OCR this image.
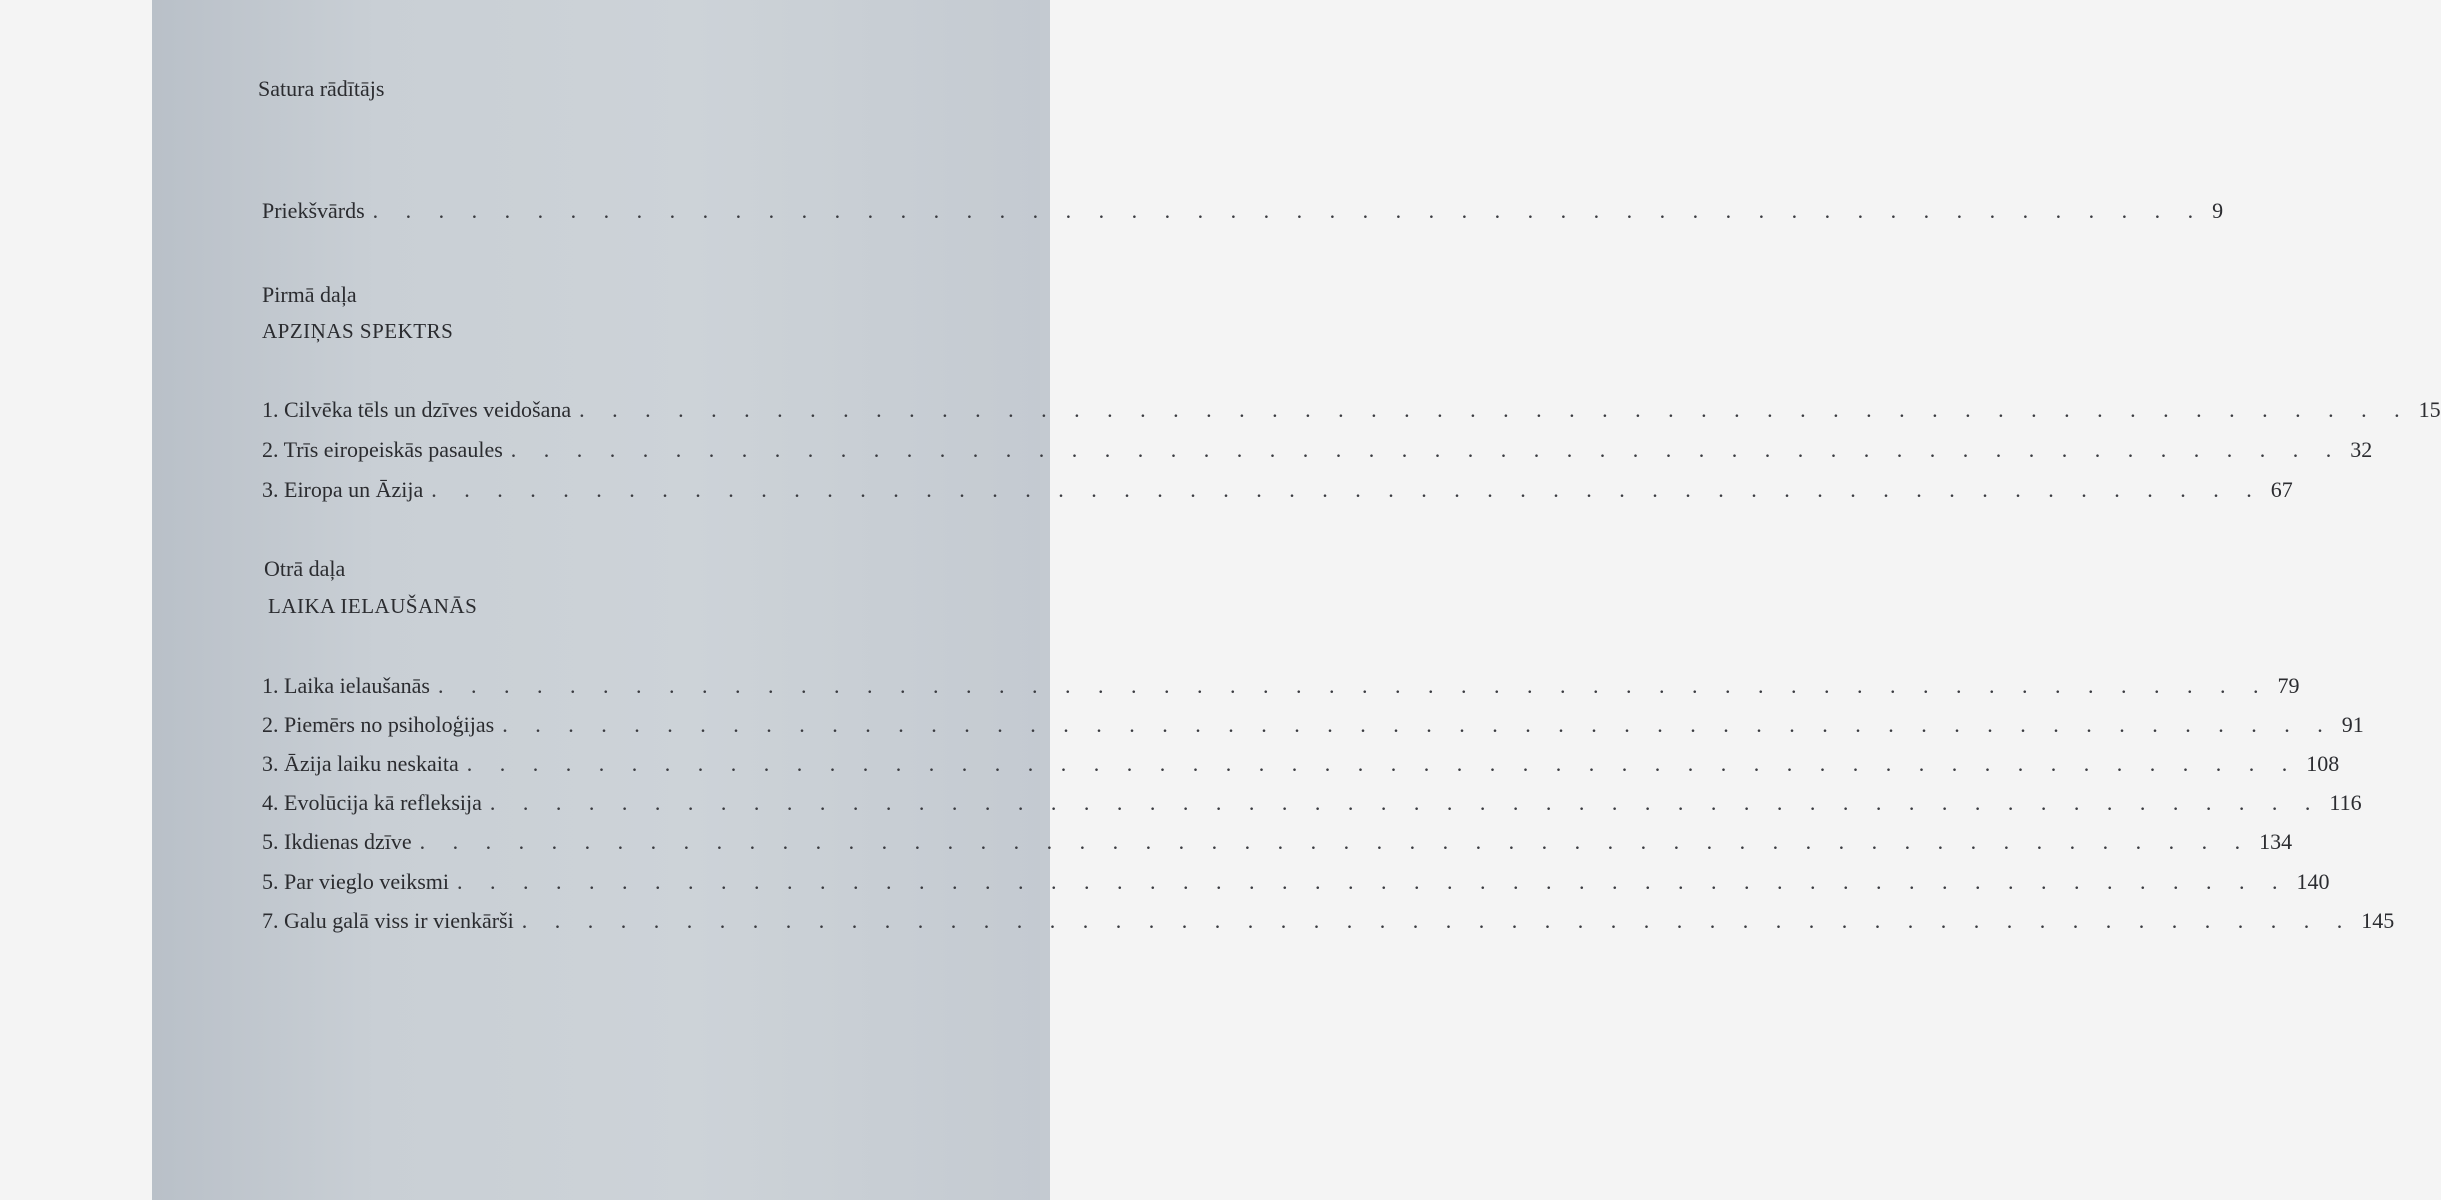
Satura rādītājs
Priekšvārds . . . . . . . . . . . . . . . . . . . . . . . . . . . . . . . . . . . . . . . . . . . . . . . . . . . . . . . . 9
Pirmā daļa
APZIŅAS SPEKTRS
1. Cilvēka tēls un dzīves veidošana . . . . . . . . . . . . . . . . . . . . . . . . . . . . . . . . . . . . . . . . . . . . . . . . . . . . . . . . 15
2. Trīs eiropeiskās pasaules . . . . . . . . . . . . . . . . . . . . . . . . . . . . . . . . . . . . . . . . . . . . . . . . . . . . . . . . 32
3. Eiropa un Āzija . . . . . . . . . . . . . . . . . . . . . . . . . . . . . . . . . . . . . . . . . . . . . . . . . . . . . . . . 67
Otrā daļa
LAIKA IELAUŠANĀS
1. Laika ielaušanās . . . . . . . . . . . . . . . . . . . . . . . . . . . . . . . . . . . . . . . . . . . . . . . . . . . . . . . . 79
2. Piemērs no psiholoģijas . . . . . . . . . . . . . . . . . . . . . . . . . . . . . . . . . . . . . . . . . . . . . . . . . . . . . . . . 91
3. Āzija laiku neskaita . . . . . . . . . . . . . . . . . . . . . . . . . . . . . . . . . . . . . . . . . . . . . . . . . . . . . . . . 108
4. Evolūcija kā refleksija . . . . . . . . . . . . . . . . . . . . . . . . . . . . . . . . . . . . . . . . . . . . . . . . . . . . . . . . 116
5. Ikdienas dzīve . . . . . . . . . . . . . . . . . . . . . . . . . . . . . . . . . . . . . . . . . . . . . . . . . . . . . . . . 134
5. Par vieglo veiksmi . . . . . . . . . . . . . . . . . . . . . . . . . . . . . . . . . . . . . . . . . . . . . . . . . . . . . . . . 140
7. Galu galā viss ir vienkārši . . . . . . . . . . . . . . . . . . . . . . . . . . . . . . . . . . . . . . . . . . . . . . . . . . . . . . . . 145
